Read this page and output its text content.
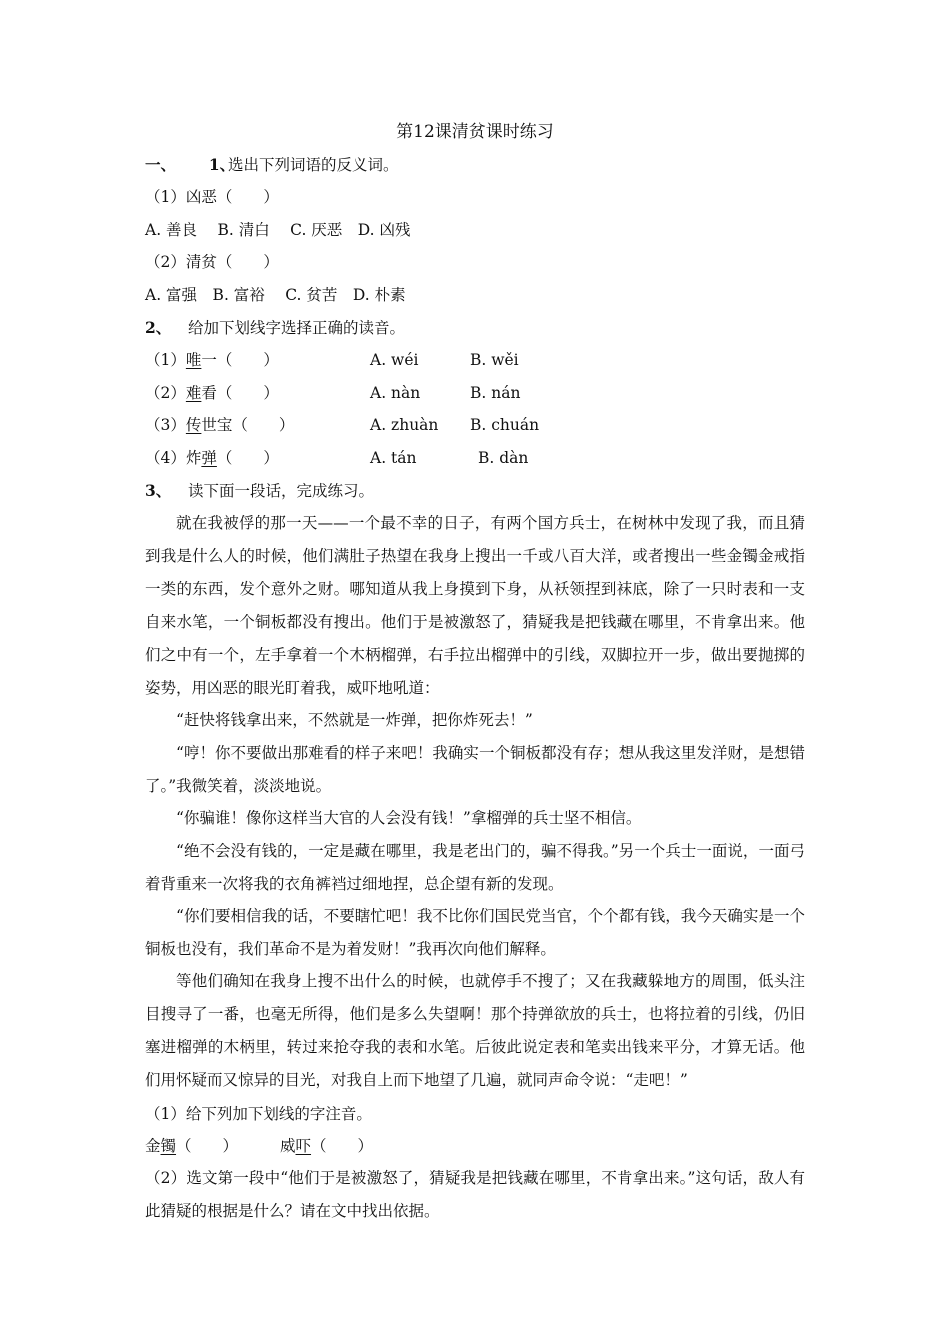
第12课清贫课时练习
一、 1、
选出下列词语的反义词。
（1）凶恶（　　）
A. 善良　 B. 清白　 C. 厌恶　D. 凶残
（2）清贫（　　）
A. 富强　B. 富裕　 C. 贫苦　D. 朴素
2、 给加下划线字选择正确的读音。
（1）唯一（　　）	A. wéi	B. wěi
（2）难看（　　）	A. nàn	B. nán
（3）传世宝（　　）	A. zhuàn B. chuán
（4）炸弹（　　）	A. tán	B. dàn
3、 读下面一段话，完成练习。
就在我被俘的那一天——一个最不幸的日子，有两个国方兵士，在树林中发现了我，而且猜到我是什么人的时候，他们满肚子热望在我身上搜出一千或八百大洋，或者搜出一些金镯金戒指一类的东西，发个意外之财。哪知道从我上身摸到下身，从袄领捏到袜底，除了一只时表和一支自来水笔，一个铜板都没有搜出。他们于是被激怒了，猜疑我是把钱藏在哪里，不肯拿出来。他们之中有一个，左手拿着一个木柄榴弹，右手拉出榴弹中的引线，双脚拉开一步，做出要抛掷的姿势，用凶恶的眼光盯着我，威吓地吼道：
“赶快将钱拿出来，不然就是一炸弹，把你炸死去！”
“哼！你不要做出那难看的样子来吧！我确实一个铜板都没有存；想从我这里发洋财，是想错了。”我微笑着，淡淡地说。
“你骗谁！像你这样当大官的人会没有钱！”拿榴弹的兵士坚不相信。
“绝不会没有钱的，一定是藏在哪里，我是老出门的，骗不得我。”另一个兵士一面说，一面弓着背重来一次将我的衣角裤裆过细地捏，总企望有新的发现。
“你们要相信我的话，不要瞎忙吧！我不比你们国民党当官，个个都有钱，我今天确实是一个铜板也没有，我们革命不是为着发财！”我再次向他们解释。
等他们确知在我身上搜不出什么的时候，也就停手不搜了；又在我藏躲地方的周围，低头注目搜寻了一番，也毫无所得，他们是多么失望啊！那个持弹欲放的兵士，也将拉着的引线，仍旧塞进榴弹的木柄里，转过来抢夺我的表和水笔。后彼此说定表和笔卖出钱来平分，才算无话。他们用怀疑而又惊异的目光，对我自上而下地望了几遍，就同声命令说：“走吧！”
（1）给下列加下划线的字注音。
金镯（　　）	威吓（　　）
（2）选文第一段中“他们于是被激怒了，猜疑我是把钱藏在哪里，不肯拿出来。”这句话，敌人有此猜疑的根据是什么？请在文中找出依据。
